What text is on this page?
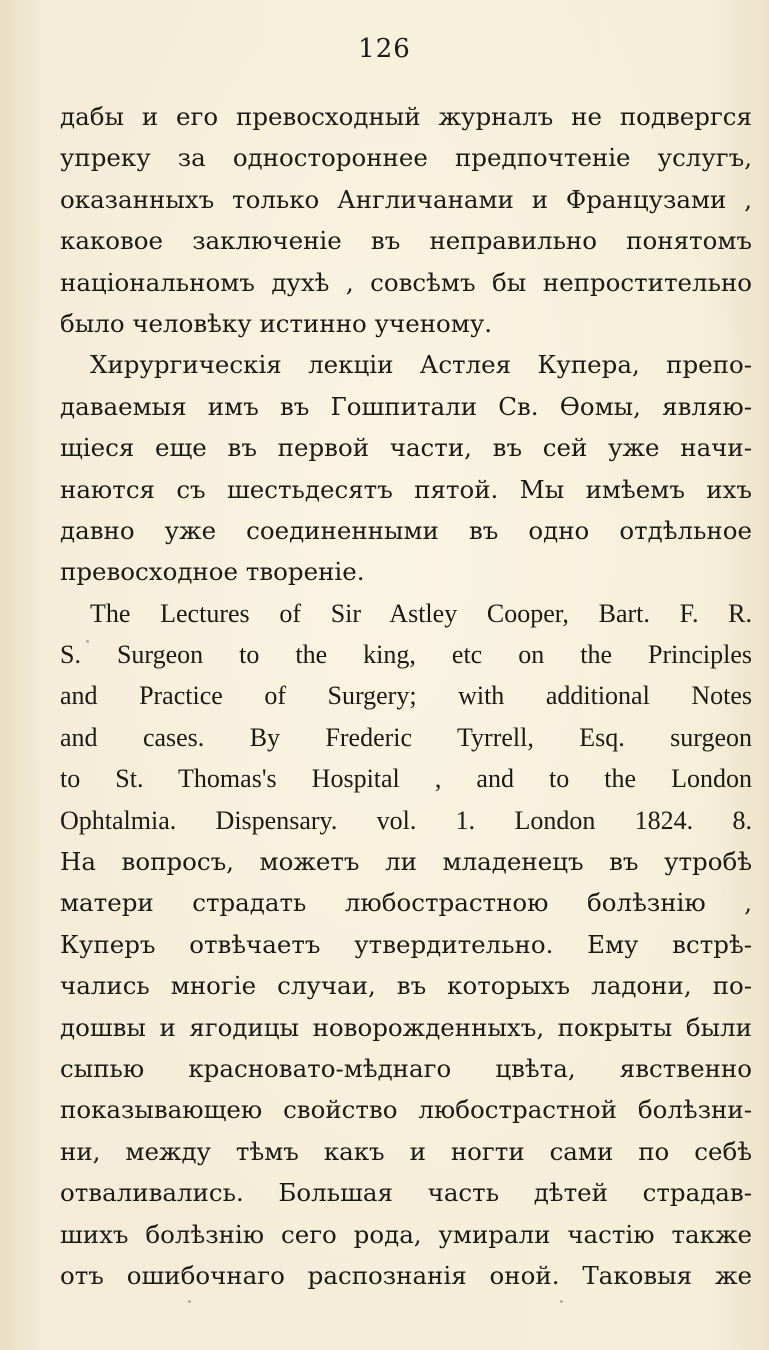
126
дабы и его превосходный журналъ не подвергся
упреку за одностороннее предпочтенiе услугъ,
оказанныхъ только Англичанами и Французами ,
каковое заключенiе въ неправильно понятомъ
нацiональномъ духѣ , совсѣмъ бы непростительно
было человѣку истинно ученому.
Хирургическiя лекцiи Астлея Купера, препо-
даваемыя имъ въ Гошпитали Св. Ѳомы, являю-
щiеся еще въ первой части, въ сей уже начи-
наются съ шестьдесятъ пятой. Мы имѣемъ ихъ
давно уже соединенными въ одно отдѣльное
превосходное творенiе.
The Lectures of Sir Astley Cooper, Bart. F. R.
S. Surgeon to the king, etc on the Principles
and Practice of Surgery; with additional Notes
and cases. By Frederic Tyrrell, Esq. surgeon
to St. Thomas's Hospital , and to the London
Ophtalmia. Dispensary. vol. 1. London 1824. 8.
На вопросъ, можетъ ли младенецъ въ утробѣ
матери страдать любострастною болѣзнiю ,
Куперъ отвѣчаетъ утвердительно. Ему встрѣ-
чались многiе случаи, въ которыхъ ладони, по-
дошвы и ягодицы новорожденныхъ, покрыты были
сыпью красновато-мѣднаго цвѣта, явственно
показывающею свойство любострастной болѣзни-
ни, между тѣмъ какъ и ногти сами по себѣ
отваливались. Большая часть дѣтей страдав-
шихъ болѣзнiю сего рода, умирали частiю также
отъ ошибочнаго распознанiя оной. Таковыя же
